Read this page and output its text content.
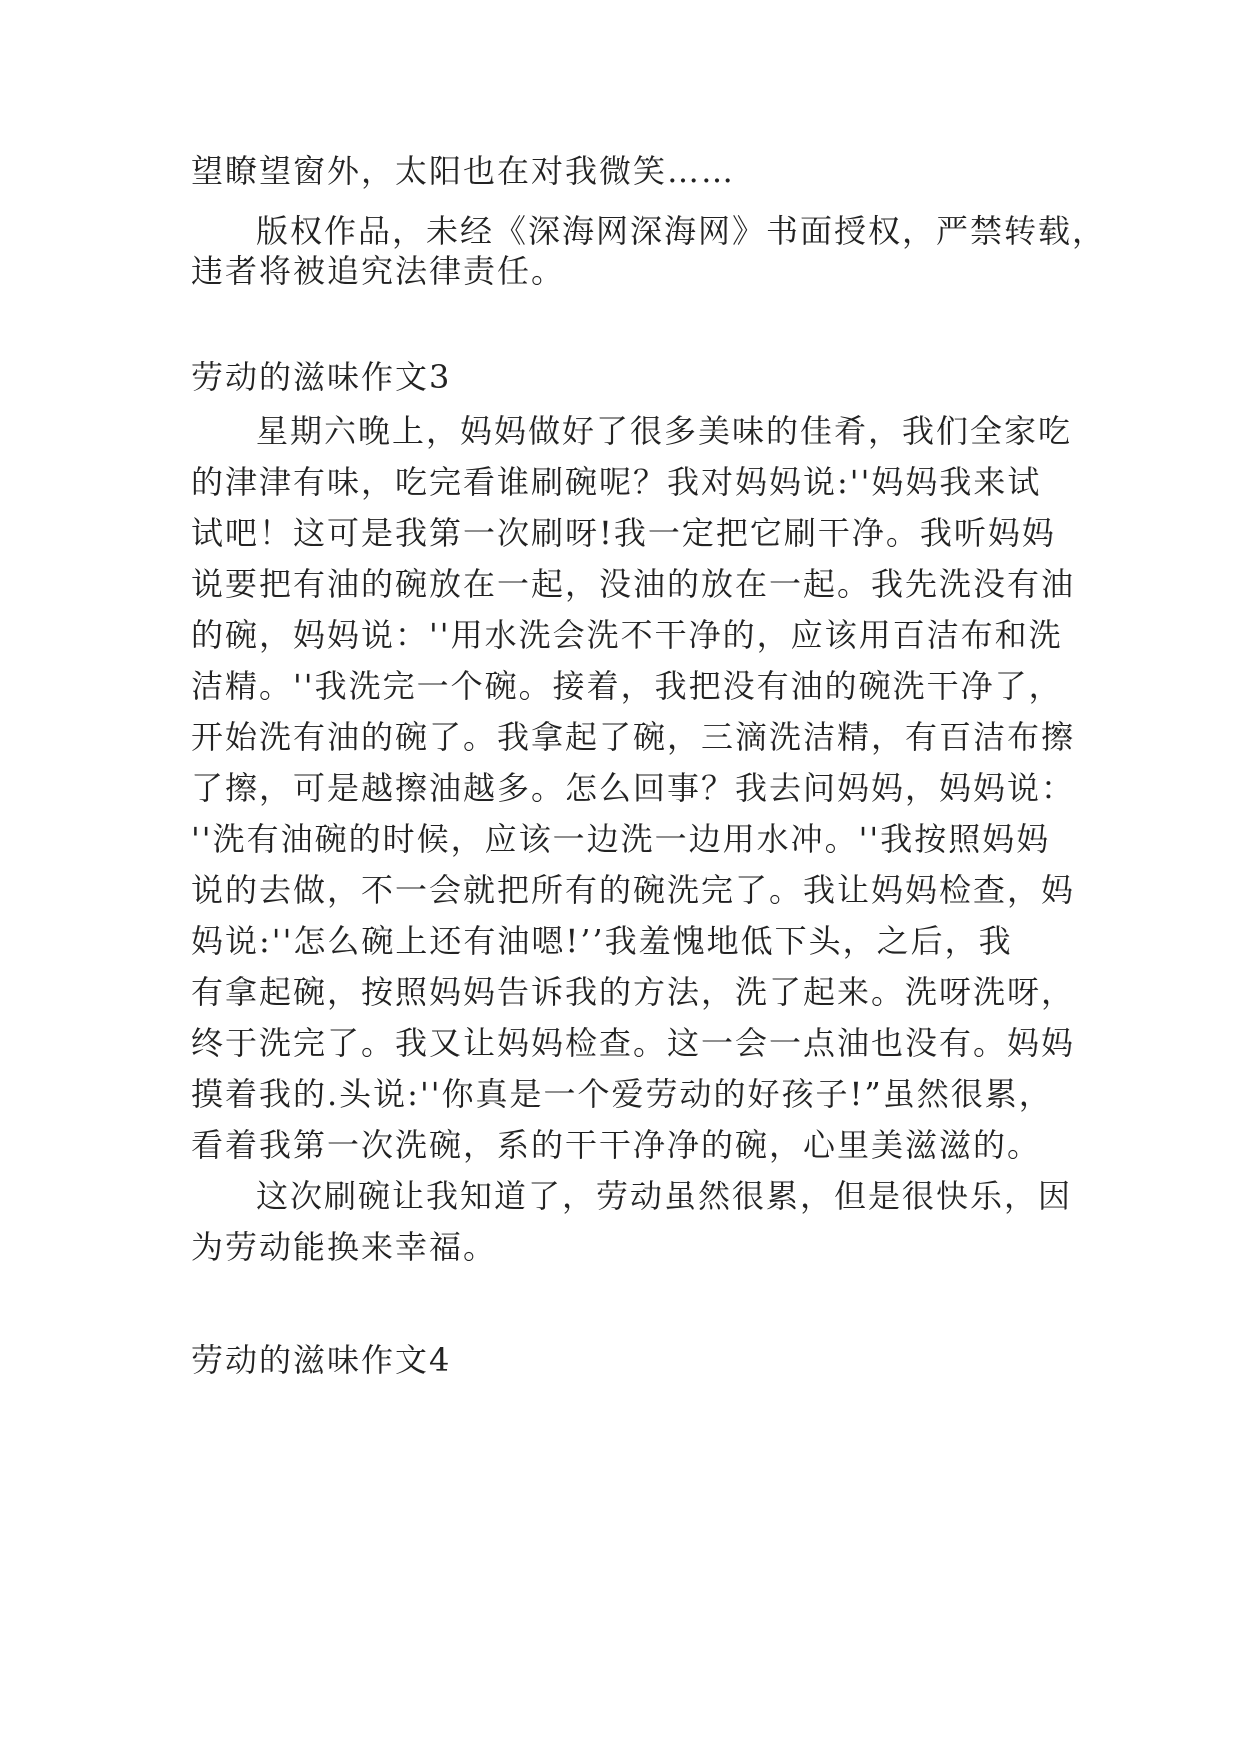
望瞭望窗外，太阳也在对我微笑……
版权作品，未经《深海网深海网》书面授权，严禁转载，
违者将被追究法律责任。
劳动的滋味作文3
星期六晚上，妈妈做好了很多美味的佳肴，我们全家吃
的津津有味，吃完看谁刷碗呢？我对妈妈说:''妈妈我来试
试吧！这可是我第一次刷呀!我一定把它刷干净。我听妈妈
说要把有油的碗放在一起，没油的放在一起。我先洗没有油
的碗，妈妈说：''用水洗会洗不干净的，应该用百洁布和洗
洁精。''我洗完一个碗。接着，我把没有油的碗洗干净了，
开始洗有油的碗了。我拿起了碗，三滴洗洁精，有百洁布擦
了擦，可是越擦油越多。怎么回事？我去问妈妈，妈妈说：
''洗有油碗的时候，应该一边洗一边用水冲。''我按照妈妈
说的去做，不一会就把所有的碗洗完了。我让妈妈检查，妈
妈说:''怎么碗上还有油嗯!’’我羞愧地低下头，之后，我
有拿起碗，按照妈妈告诉我的方法，洗了起来。洗呀洗呀，
终于洗完了。我又让妈妈检查。这一会一点油也没有。妈妈
摸着我的.头说:''你真是一个爱劳动的好孩子!”虽然很累，
看着我第一次洗碗，系的干干净净的碗，心里美滋滋的。
这次刷碗让我知道了，劳动虽然很累，但是很快乐，因
为劳动能换来幸福。
劳动的滋味作文4
